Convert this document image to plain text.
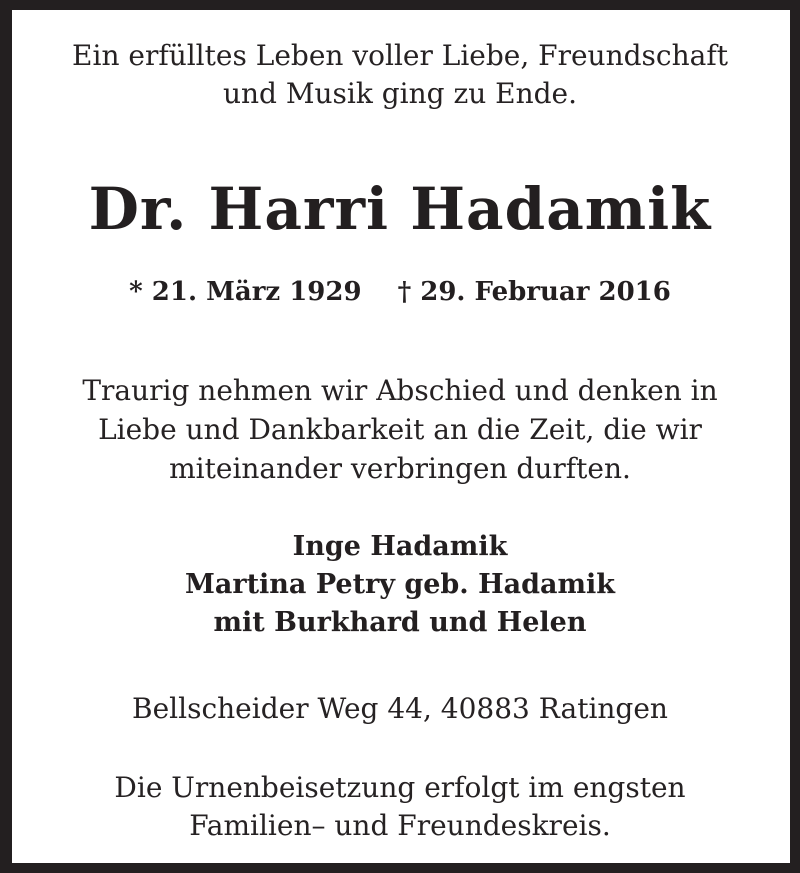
Ein erfülltes Leben voller Liebe, Freundschaft
und Musik ging zu Ende.
Dr. Harri Hadamik
* 21. März 1929 † 29. Februar 2016
Traurig nehmen wir Abschied und denken in
Liebe und Dankbarkeit an die Zeit, die wir
miteinander verbringen durften.
Inge Hadamik
Martina Petry geb. Hadamik
mit Burkhard und Helen
Bellscheider Weg 44, 40883 Ratingen
Die Urnenbeisetzung erfolgt im engsten
Familien– und Freundeskreis.
